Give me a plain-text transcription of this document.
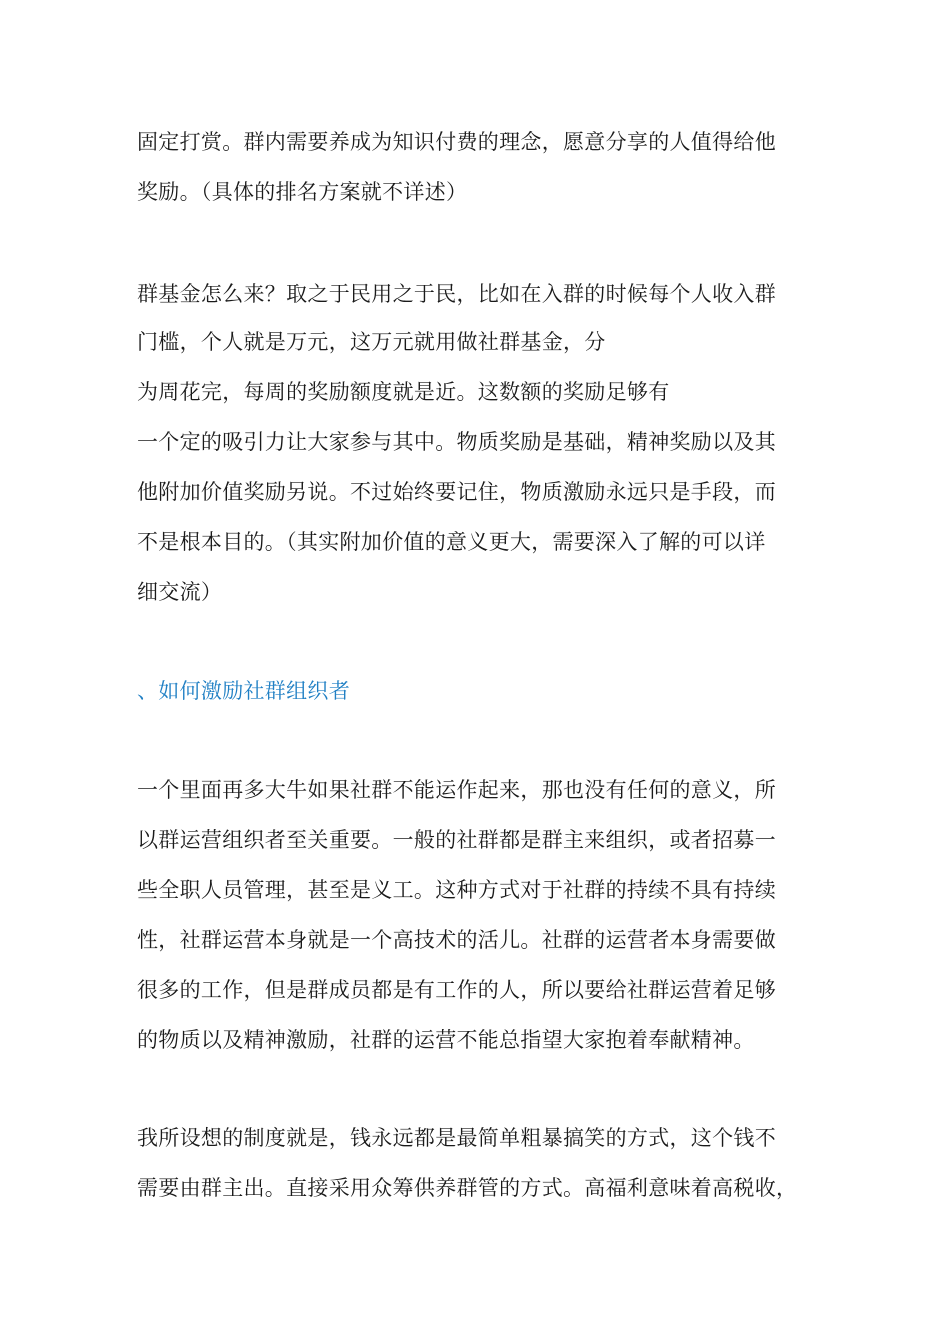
固定打赏。群内需要养成为知识付费的理念，愿意分享的人值得给他
奖励。（具体的排名方案就不详述）
群基金怎么来？取之于民用之于民，比如在入群的时候每个人收入群
门槛，个人就是万元，这万元就用做社群基金，分
为周花完，每周的奖励额度就是近。这数额的奖励足够有
一个定的吸引力让大家参与其中。物质奖励是基础，精神奖励以及其
他附加价值奖励另说。不过始终要记住，物质激励永远只是手段，而
不是根本目的。（其实附加价值的意义更大，需要深入了解的可以详
细交流）
、如何激励社群组织者
一个里面再多大牛如果社群不能运作起来，那也没有任何的意义，所
以群运营组织者至关重要。一般的社群都是群主来组织，或者招募一
些全职人员管理，甚至是义工。这种方式对于社群的持续不具有持续
性，社群运营本身就是一个高技术的活儿。社群的运营者本身需要做
很多的工作，但是群成员都是有工作的人，所以要给社群运营着足够
的物质以及精神激励，社群的运营不能总指望大家抱着奉献精神。
我所设想的制度就是，钱永远都是最简单粗暴搞笑的方式，这个钱不
需要由群主出。直接采用众筹供养群管的方式。高福利意味着高税收，
